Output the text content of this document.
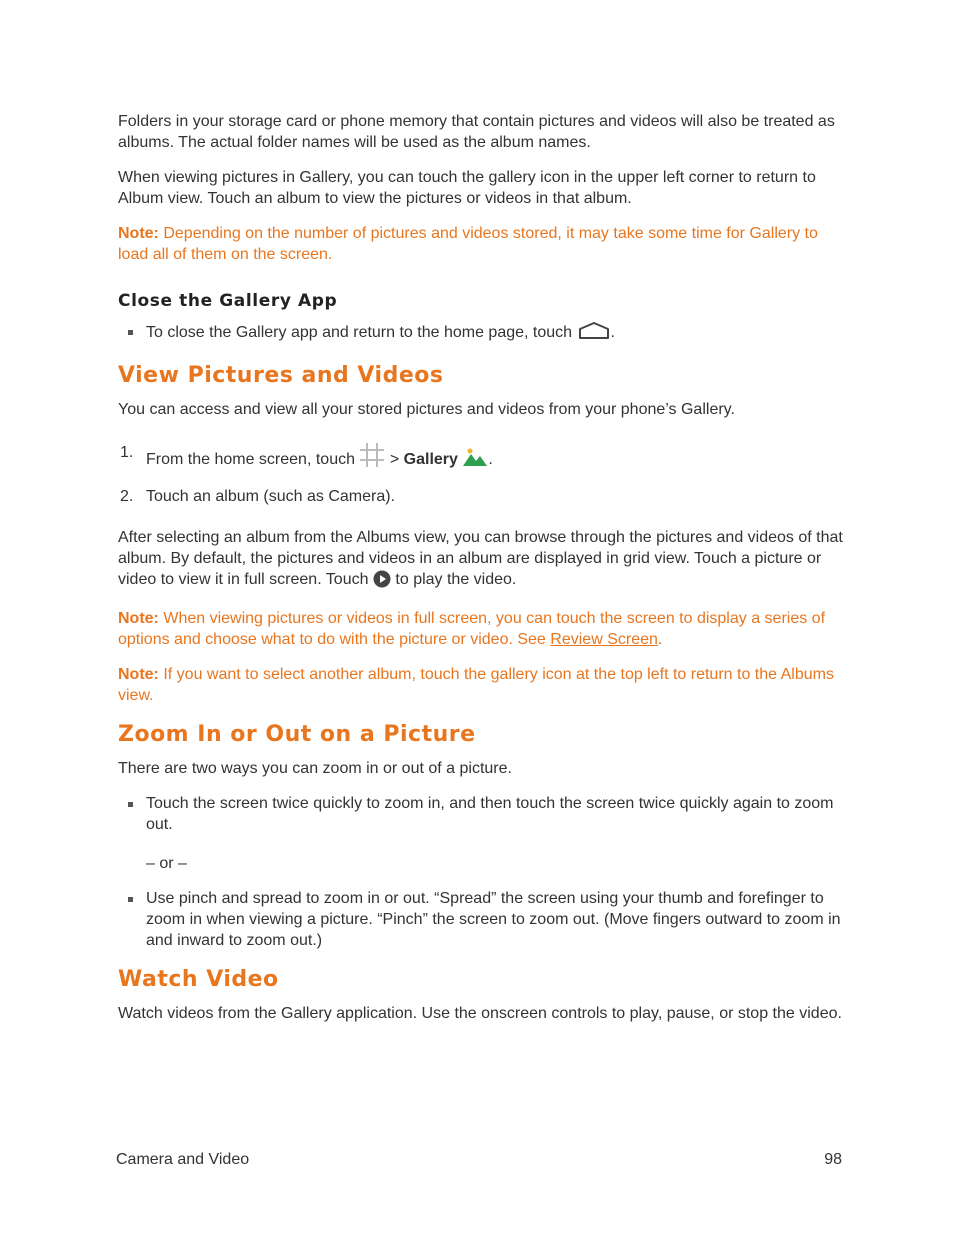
Folders in your storage card or phone memory that contain pictures and videos will also be treated as albums. The actual folder names will be used as the album names.

When viewing pictures in Gallery, you can touch the gallery icon in the upper left corner to return to Album view. Touch an album to view the pictures or videos in that album.

Note: Depending on the number of pictures and videos stored, it may take some time for Gallery to load all of them on the screen.

Close the Gallery App
To close the Gallery app and return to the home page, touch .
View Pictures and Videos

You can access and view all your stored pictures and videos from your phone’s Gallery.

1. From the home screen, touch  > Gallery .
2. Touch an album (such as Camera).

After selecting an album from the Albums view, you can browse through the pictures and videos of that album. By default, the pictures and videos in an album are displayed in grid view. Touch a picture or video to view it in full screen. Touch  to play the video.

Note: When viewing pictures or videos in full screen, you can touch the screen to display a series of options and choose what to do with the picture or video. See Review Screen.

Note: If you want to select another album, touch the gallery icon at the top left to return to the Albums view.

Zoom In or Out on a Picture

There are two ways you can zoom in or out of a picture.

Touch the screen twice quickly to zoom in, and then touch the screen twice quickly again to zoom out.
– or –
Use pinch and spread to zoom in or out. “Spread” the screen using your thumb and forefinger to zoom in when viewing a picture. “Pinch” the screen to zoom out. (Move fingers outward to zoom in and inward to zoom out.)
Watch Video

Watch videos from the Gallery application. Use the onscreen controls to play, pause, or stop the video.

Camera and Video	98
